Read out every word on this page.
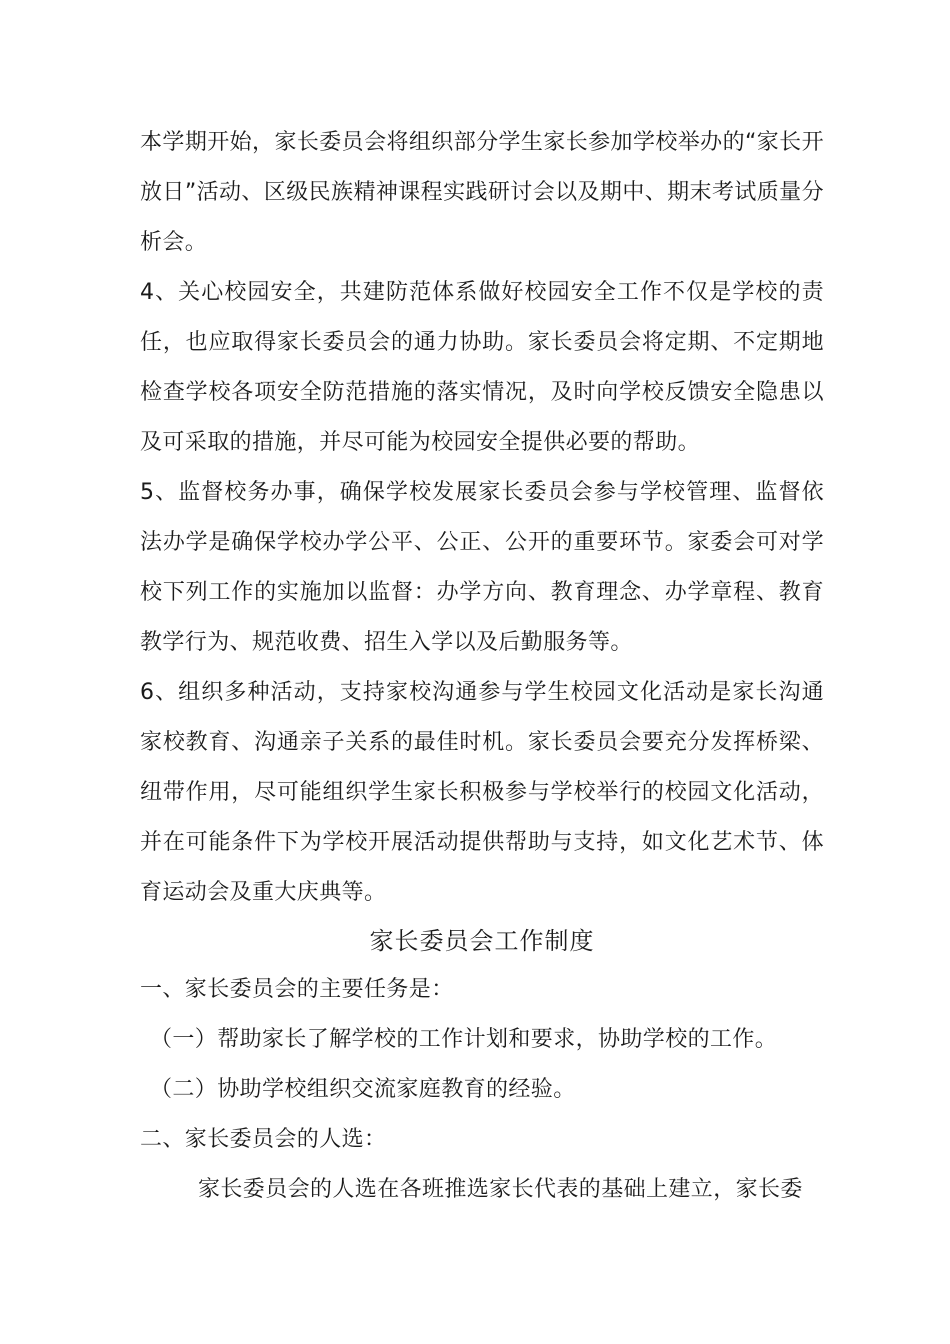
本学期开始，家长委员会将组织部分学生家长参加学校举办的“家长开放日”活动、区级民族精神课程实践研讨会以及期中、期末考试质量分析会。

4、关心校园安全，共建防范体系做好校园安全工作不仅是学校的责任，也应取得家长委员会的通力协助。家长委员会将定期、不定期地检查学校各项安全防范措施的落实情况，及时向学校反馈安全隐患以及可采取的措施，并尽可能为校园安全提供必要的帮助。

5、监督校务办事，确保学校发展家长委员会参与学校管理、监督依法办学是确保学校办学公平、公正、公开的重要环节。家委会可对学校下列工作的实施加以监督：办学方向、教育理念、办学章程、教育教学行为、规范收费、招生入学以及后勤服务等。

6、组织多种活动，支持家校沟通参与学生校园文化活动是家长沟通家校教育、沟通亲子关系的最佳时机。家长委员会要充分发挥桥梁、纽带作用，尽可能组织学生家长积极参与学校举行的校园文化活动，并在可能条件下为学校开展活动提供帮助与支持，如文化艺术节、体育运动会及重大庆典等。

家长委员会工作制度

一、家长委员会的主要任务是：

（一）帮助家长了解学校的工作计划和要求，协助学校的工作。

（二）协助学校组织交流家庭教育的经验。

二、家长委员会的人选：

家长委员会的人选在各班推选家长代表的基础上建立，家长委
